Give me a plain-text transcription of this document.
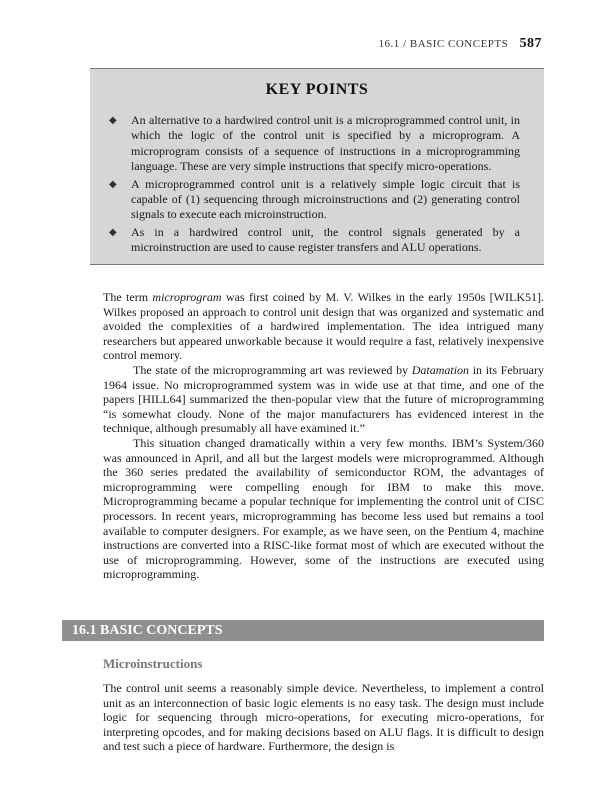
16.1 / BASIC CONCEPTS 587
KEY POINTS
◆ An alternative to a hardwired control unit is a microprogrammed control unit, in which the logic of the control unit is specified by a microprogram. A microprogram consists of a sequence of instructions in a microprogramming language. These are very simple instructions that specify micro-operations.
◆ A microprogrammed control unit is a relatively simple logic circuit that is capable of (1) sequencing through microinstructions and (2) generating control signals to execute each microinstruction.
◆ As in a hardwired control unit, the control signals generated by a microinstruction are used to cause register transfers and ALU operations.

The term microprogram was first coined by M. V. Wilkes in the early 1950s [WILK51]. Wilkes proposed an approach to control unit design that was organized and systematic and avoided the complexities of a hardwired implementation. The idea intrigued many researchers but appeared unworkable because it would require a fast, relatively inexpensive control memory.

The state of the microprogramming art was reviewed by Datamation in its February 1964 issue. No microprogrammed system was in wide use at that time, and one of the papers [HILL64] summarized the then-popular view that the future of microprogramming “is somewhat cloudy. None of the major manufacturers has evidenced interest in the technique, although presumably all have examined it.”

This situation changed dramatically within a very few months. IBM’s System/360 was announced in April, and all but the largest models were microprogrammed. Although the 360 series predated the availability of semiconductor ROM, the advantages of microprogramming were compelling enough for IBM to make this move. Microprogramming became a popular technique for implementing the control unit of CISC processors. In recent years, microprogramming has become less used but remains a tool available to computer designers. For example, as we have seen, on the Pentium 4, machine instructions are converted into a RISC-like format most of which are executed without the use of microprogramming. However, some of the instructions are executed using microprogramming.

16.1 BASIC CONCEPTS
Microinstructions

The control unit seems a reasonably simple device. Nevertheless, to implement a control unit as an interconnection of basic logic elements is no easy task. The design must include logic for sequencing through micro-operations, for executing micro-operations, for interpreting opcodes, and for making decisions based on ALU flags. It is difficult to design and test such a piece of hardware. Furthermore, the design is
